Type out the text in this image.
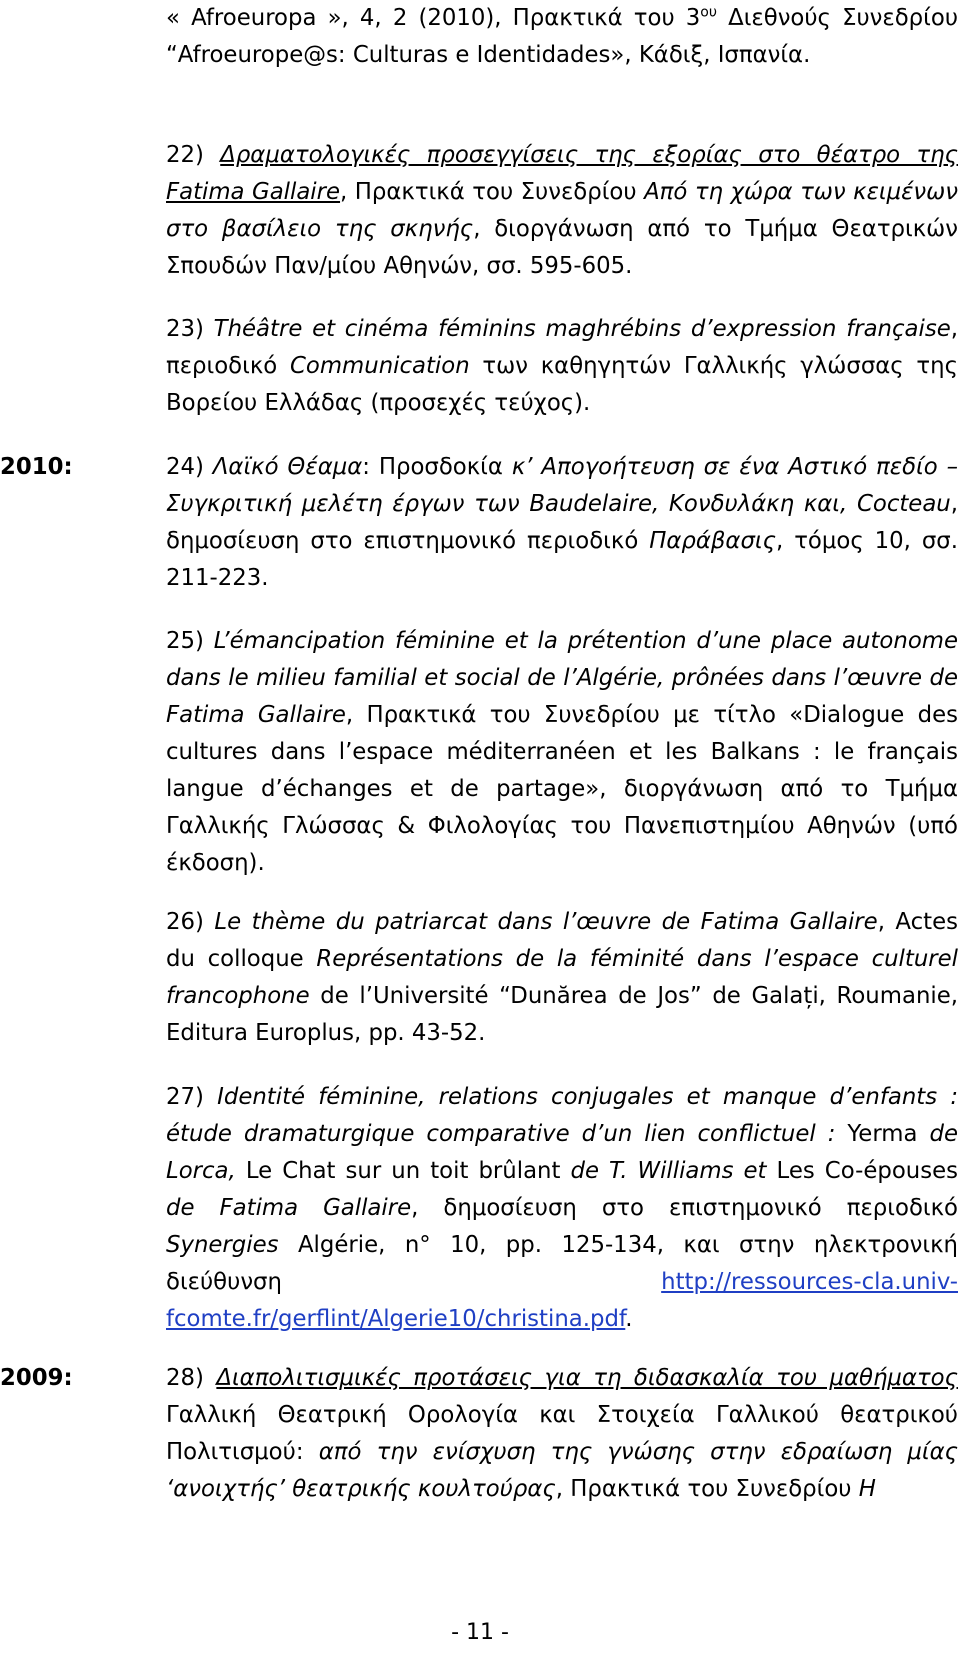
« Afroeuropa », 4, 2 (2010), Πρακτικά του $3^{o\upsilon}$ Διεθνούς Συνεδρίου “Afroeurope@s: Culturas e Identidades», Κάδιξ, Ισπανία.
22) Δραματολογικές προσεγγίσεις της εξορίας στο θέατρο της Fatima Gallaire, Πρακτικά του Συνεδρίου Από τη χώρα των κειμένων στο βασίλειο της σκηνής, διοργάνωση από το Τμήμα Θεατρικών Σπουδών Παν/μίου Αθηνών, σσ. 595-605.
23) Théâtre et cinéma féminins maghrébins d’expression française, περιοδικό Communication των καθηγητών Γαλλικής γλώσσας της Βορείου Ελλάδας (προσεχές τεύχος).
2010:	24) Λαϊκό Θέαμα: Προσδοκία κ’ Απογοήτευση σε ένα Αστικό πεδίο –Συγκριτική μελέτη έργων των Baudelaire, Κονδυλάκη και, Cocteau, δημοσίευση στο επιστημονικό περιοδικό Παράβασις, τόμος 10, σσ. 211-223.
25) L’émancipation féminine et la prétention d’une place autonome dans le milieu familial et social de l’Algérie, prônées dans l’œuvre de Fatima Gallaire, Πρακτικά του Συνεδρίου με τίτλο «Dialogue des cultures dans l’espace méditerranéen et les Balkans : le français langue d’échanges et de partage», διοργάνωση από το Τμήμα Γαλλικής Γλώσσας & Φιλολογίας του Πανεπιστημίου Αθηνών (υπό έκδοση).
26) Le thème du patriarcat dans l’œuvre de Fatima Gallaire, Actes du colloque Représentations de la féminité dans l’espace culturel francophone de l’Université “Dunărea de Jos” de Galați, Roumanie, Editura Europlus, pp. 43-52.
27) Identité féminine, relations conjugales et manque d’enfants : étude dramaturgique comparative d’un lien conflictuel : Yerma de Lorca, Le Chat sur un toit brûlant de T. Williams et Les Co-épouses de Fatima Gallaire, δημοσίευση στο επιστημονικό περιοδικό Synergies Algérie, n° 10, pp. 125-134, και στην ηλεκτρονική διεύθυνση http://ressources-cla.univ-fcomte.fr/gerflint/Algerie10/christina.pdf.
2009:	28) Διαπολιτισμικές προτάσεις για τη διδασκαλία του μαθήματος Γαλλική Θεατρική Ορολογία και Στοιχεία Γαλλικού θεατρικού Πολιτισμού: από την ενίσχυση της γνώσης στην εδραίωση μίας ‘ανοιχτής’ θεατρικής κουλτούρας, Πρακτικά του Συνεδρίου Η
- 11 -
